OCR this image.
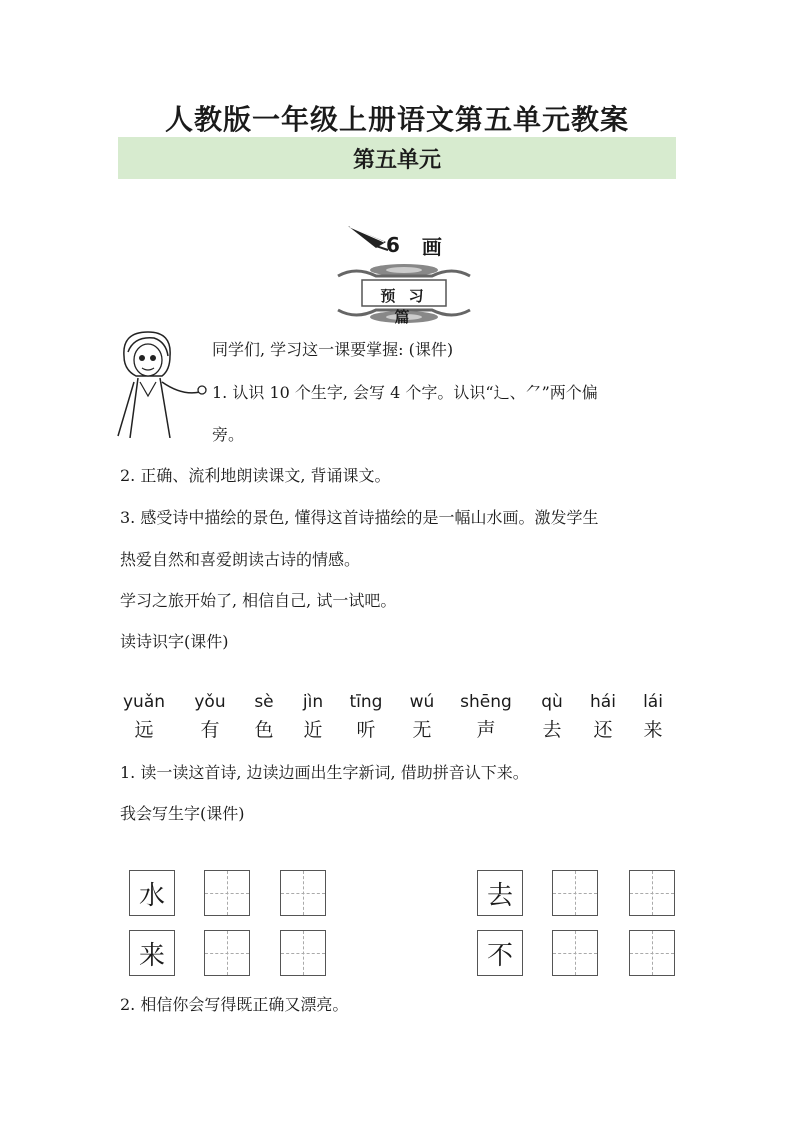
人教版一年级上册语文第五单元教案
第五单元
6 画
预 习 篇
同学们, 学习这一课要掌握: (课件)
1. 认识 10 个生字, 会写 4 个字。认识“辶、⺈”两个偏
旁。
2. 正确、流利地朗读课文, 背诵课文。
3. 感受诗中描绘的景色, 懂得这首诗描绘的是一幅山水画。激发学生
热爱自然和喜爱朗读古诗的情感。
学习之旅开始了, 相信自己, 试一试吧。
读诗识字(课件)
yuǎn
远
yǒu
有
sè
色
jìn
近
tīng
听
wú
无
shēng
声
qù
去
hái
还
lái
来
1. 读一读这首诗, 边读边画出生字新词, 借助拼音认下来。
我会写生字(课件)
水	去
来	不
2. 相信你会写得既正确又漂亮。
